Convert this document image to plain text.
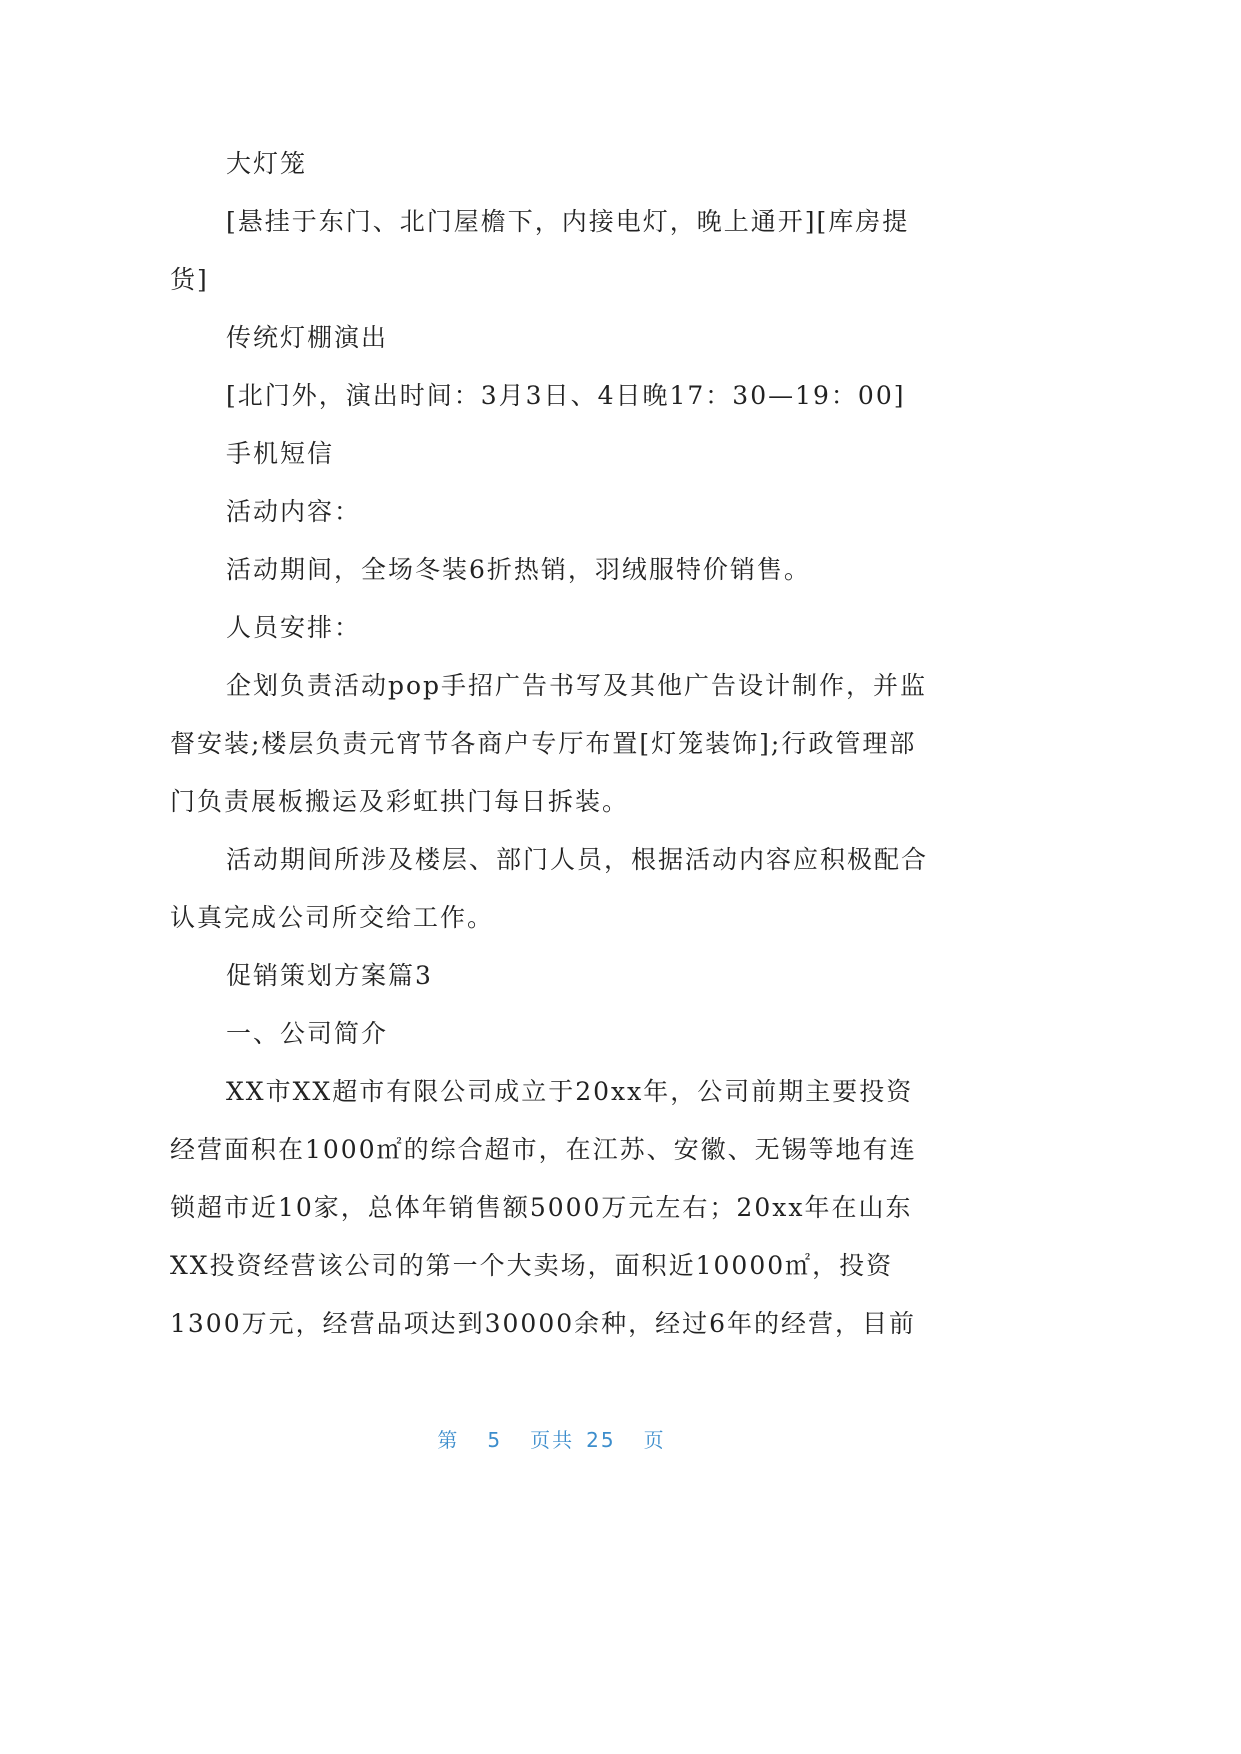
大灯笼

[悬挂于东门、北门屋檐下，内接电灯，晚上通开][库房提货]

传统灯棚演出

[北门外，演出时间：3月3日、4日晚17：30—19：00]

手机短信

活动内容：

活动期间，全场冬装6折热销，羽绒服特价销售。

人员安排：

企划负责活动pop手招广告书写及其他广告设计制作，并监督安装;楼层负责元宵节各商户专厅布置[灯笼装饰];行政管理部门负责展板搬运及彩虹拱门每日拆装。

活动期间所涉及楼层、部门人员，根据活动内容应积极配合认真完成公司所交给工作。

促销策划方案篇3

一、公司简介

XX市XX超市有限公司成立于20xx年，公司前期主要投资经营面积在1000㎡的综合超市，在江苏、安徽、无锡等地有连锁超市近10家，总体年销售额5000万元左右；20xx年在山东XX投资经营该公司的第一个大卖场，面积近10000㎡，投资1300万元，经营品项达到30000余种，经过6年的经营，目前

第 5 页共 25 页
